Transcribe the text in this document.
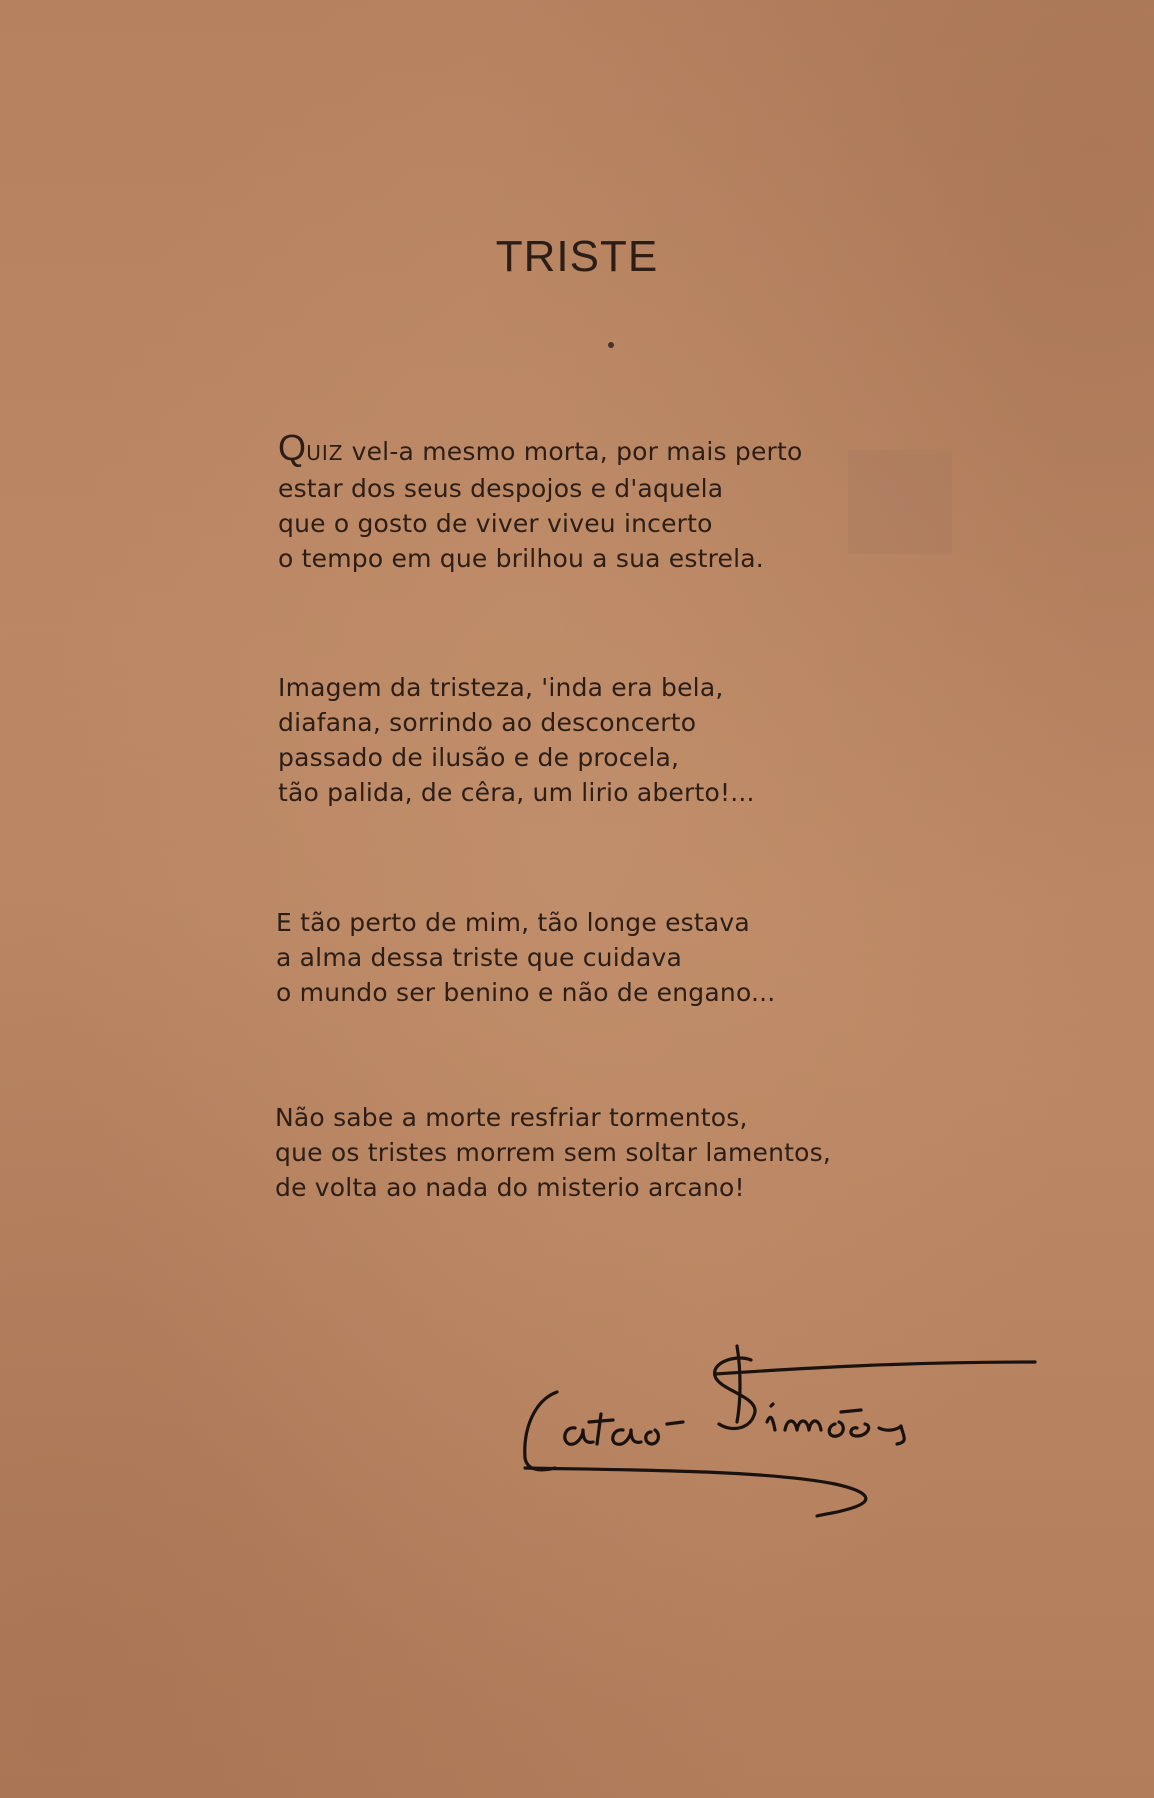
TRISTE
QUIZ vel-a mesmo morta, por mais perto
estar dos seus despojos e d'aquela
que o gosto de viver viveu incerto
o tempo em que brilhou a sua estrela.
Imagem da tristeza, 'inda era bela,
diafana, sorrindo ao desconcerto
passado de ilusão e de procela,
tão palida, de cêra, um lirio aberto!...
E tão perto de mim, tão longe estava
a alma dessa triste que cuidava
o mundo ser benino e não de engano...
Não sabe a morte resfriar tormentos,
que os tristes morrem sem soltar lamentos,
de volta ao nada do misterio arcano!
